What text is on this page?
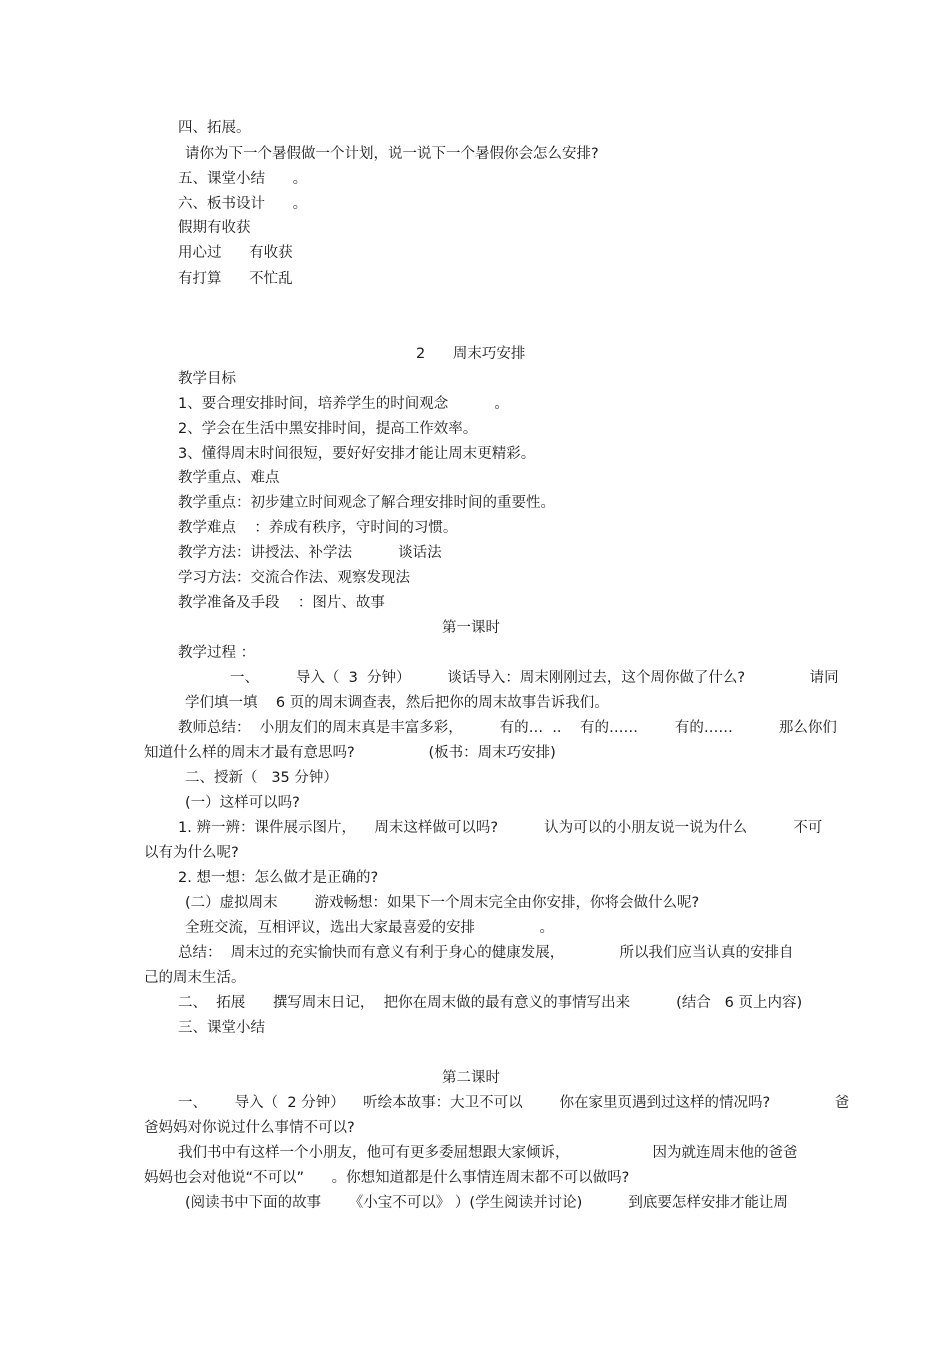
四、拓展。
请你为下一个暑假做一个计划，说一说下一个暑假你会怎么安排?
五、课堂小结      。
六、板书设计      。
假期有收获
用心过      有收获
有打算      不忙乱
2      周末巧安排
教学目标
1、要合理安排时间，培养学生的时间观念          。
2、学会在生活中黑安排时间，提高工作效率。
3、懂得周末时间很短，要好好安排才能让周末更精彩。
教学重点、难点
教学重点：初步建立时间观念了解合理安排时间的重要性。
教学难点    ：养成有秩序，守时间的习惯。
教学方法：讲授法、补学法          谈话法
学习方法：交流合作法、观察发现法
教学准备及手段    ：图片、故事
第一课时
教学过程 ：
一、        导入（  3  分钟）        谈话导入：周末刚刚过去，这个周你做了什么?              请同
学们填一填    6 页的周末调查表，然后把你的周末故事告诉我们。
教师总结：  小朋友们的周末真是丰富多彩，        有的…  ..    有的……        有的……          那么你们
知道什么样的周末才最有意思吗?                (板书：周末巧安排)
二、授新（   35 分钟）
(一）这样可以吗?
1. 辨一辨：课件展示图片，    周末这样做可以吗?          认为可以的小朋友说一说为什么          不可
以有为什么呢?
2. 想一想：怎么做才是正确的?
(二）虚拟周末        游戏畅想：如果下一个周末完全由你安排，你将会做什么呢?
全班交流，互相评议，选出大家最喜爱的安排              。
总结：  周末过的充实愉快而有意义有利于身心的健康发展，            所以我们应当认真的安排自
己的周末生活。
二、  拓展      撰写周末日记，  把你在周末做的最有意义的事情写出来          (结合   6 页上内容)
三、课堂小结
第二课时
一、      导入（  2 分钟）    听绘本故事：大卫不可以        你在家里页遇到过这样的情况吗?              爸
爸妈妈对你说过什么事情不可以?
我们书中有这样一个小朋友，他可有更多委屈想跟大家倾诉，                  因为就连周末他的爸爸
妈妈也会对他说“不可以”      。你想知道都是什么事情连周末都不可以做吗?
(阅读书中下面的故事      《小宝不可以》 ）(学生阅读并讨论)          到底要怎样安排才能让周
